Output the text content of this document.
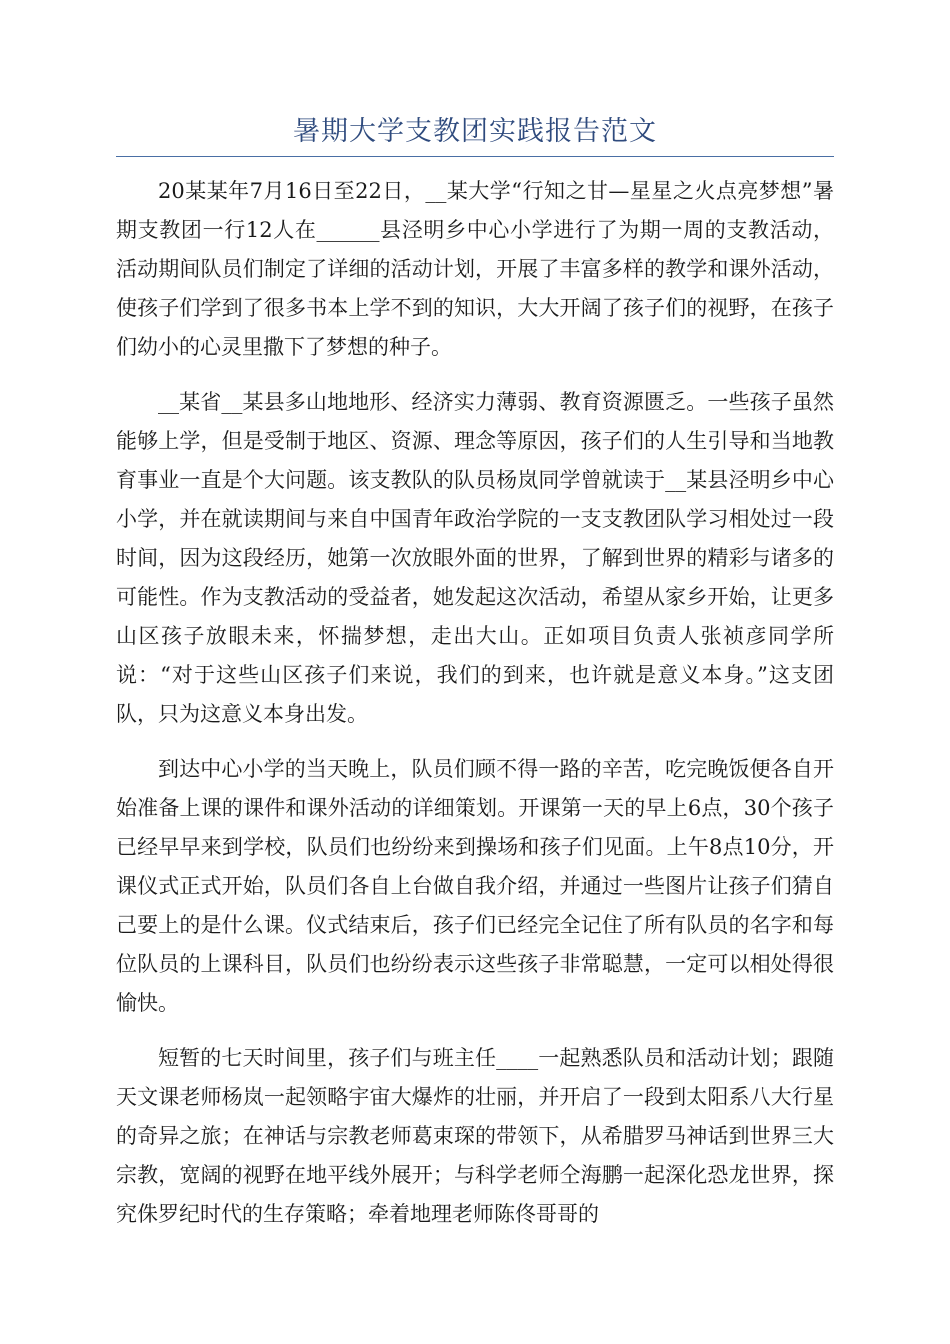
暑期大学支教团实践报告范文

20某某年7月16日至22日，__某大学“行知之甘—星星之火点亮梦想”暑期支教团一行12人在______县泾明乡中心小学进行了为期一周的支教活动，活动期间队员们制定了详细的活动计划，开展了丰富多样的教学和课外活动，使孩子们学到了很多书本上学不到的知识，大大开阔了孩子们的视野，在孩子们幼小的心灵里撒下了梦想的种子。

__某省__某县多山地地形、经济实力薄弱、教育资源匮乏。一些孩子虽然能够上学，但是受制于地区、资源、理念等原因，孩子们的人生引导和当地教育事业一直是个大问题。该支教队的队员杨岚同学曾就读于__某县泾明乡中心小学，并在就读期间与来自中国青年政治学院的一支支教团队学习相处过一段时间，因为这段经历，她第一次放眼外面的世界，了解到世界的精彩与诸多的可能性。作为支教活动的受益者，她发起这次活动，希望从家乡开始，让更多山区孩子放眼未来，怀揣梦想，走出大山。正如项目负责人张祯彦同学所说：“对于这些山区孩子们来说，我们的到来，也许就是意义本身。”这支团队，只为这意义本身出发。

到达中心小学的当天晚上，队员们顾不得一路的辛苦，吃完晚饭便各自开始准备上课的课件和课外活动的详细策划。开课第一天的早上6点，30个孩子已经早早来到学校，队员们也纷纷来到操场和孩子们见面。上午8点10分，开课仪式正式开始，队员们各自上台做自我介绍，并通过一些图片让孩子们猜自己要上的是什么课。仪式结束后，孩子们已经完全记住了所有队员的名字和每位队员的上课科目，队员们也纷纷表示这些孩子非常聪慧，一定可以相处得很愉快。

短暂的七天时间里，孩子们与班主任____一起熟悉队员和活动计划；跟随天文课老师杨岚一起领略宇宙大爆炸的壮丽，并开启了一段到太阳系八大行星的奇异之旅；在神话与宗教老师葛束琛的带领下，从希腊罗马神话到世界三大宗教，宽阔的视野在地平线外展开；与科学老师仝海鹏一起深化恐龙世界，探究侏罗纪时代的生存策略；牵着地理老师陈佟哥哥的
